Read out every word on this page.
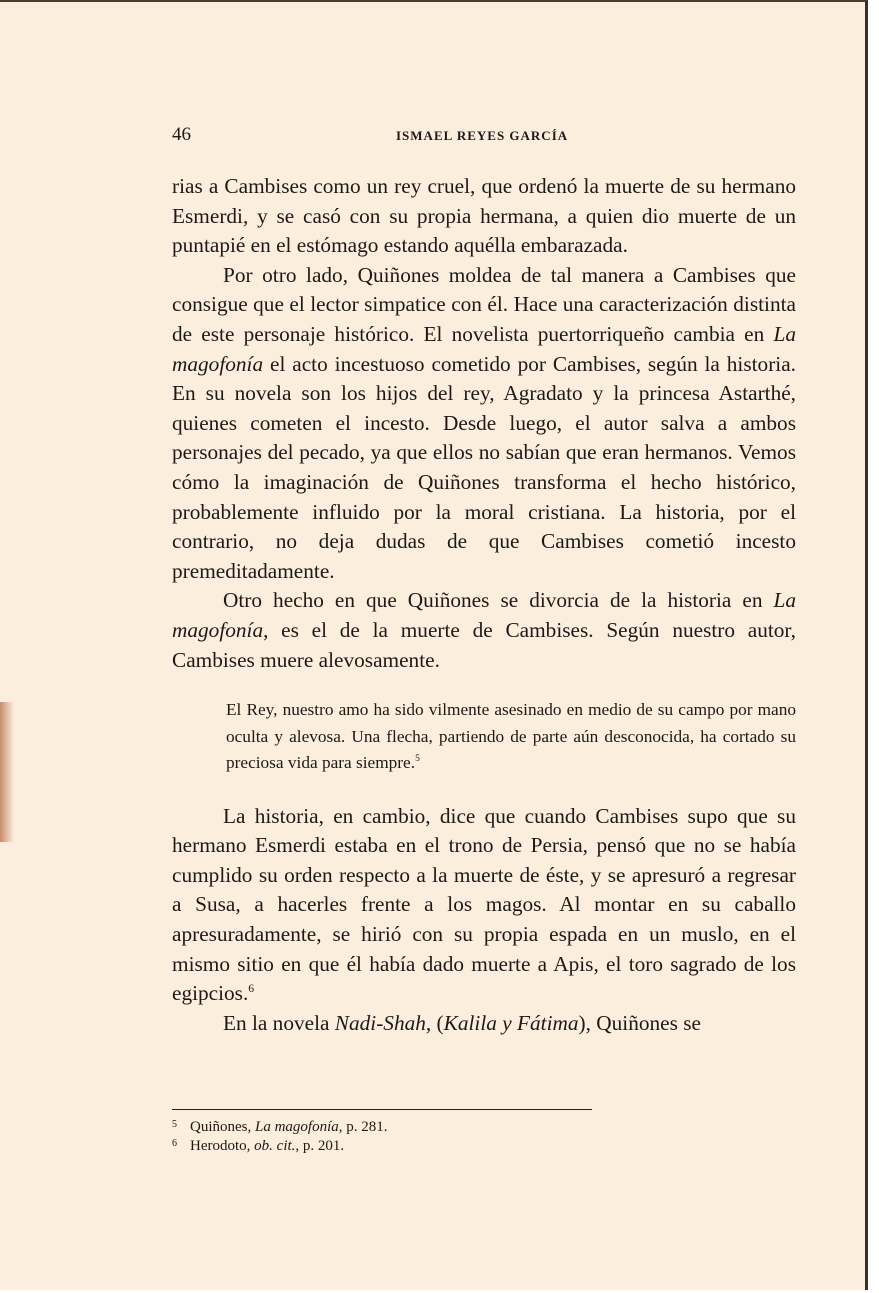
46	ISMAEL REYES GARCÍA

rias a Cambises como un rey cruel, que ordenó la muerte de su hermano Esmerdi, y se casó con su propia hermana, a quien dio muerte de un puntapié en el estómago estando aquélla embarazada.

Por otro lado, Quiñones moldea de tal manera a Cambises que consigue que el lector simpatice con él. Hace una caracterización distinta de este personaje histórico. El novelista puertorriqueño cambia en La magofonía el acto incestuoso cometido por Cambises, según la historia. En su novela son los hijos del rey, Agradato y la princesa Astarthé, quienes cometen el incesto. Desde luego, el autor salva a ambos personajes del pecado, ya que ellos no sabían que eran hermanos. Vemos cómo la imaginación de Quiñones transforma el hecho histórico, probablemente influido por la moral cristiana. La historia, por el contrario, no deja dudas de que Cambises cometió incesto premeditadamente.

Otro hecho en que Quiñones se divorcia de la historia en La magofonía, es el de la muerte de Cambises. Según nuestro autor, Cambises muere alevosamente.

El Rey, nuestro amo ha sido vilmente asesinado en medio de su campo por mano oculta y alevosa. Una flecha, partiendo de parte aún desconocida, ha cortado su preciosa vida para siempre.$^5$

La historia, en cambio, dice que cuando Cambises supo que su hermano Esmerdi estaba en el trono de Persia, pensó que no se había cumplido su orden respecto a la muerte de éste, y se apresuró a regresar a Susa, a hacerles frente a los magos. Al montar en su caballo apresuradamente, se hirió con su propia espada en un muslo, en el mismo sitio en que él había dado muerte a Apis, el toro sagrado de los egipcios.$^6$

En la novela Nadi-Shah, (Kalila y Fátima), Quiñones se

5 Quiñones, La magofonía, p. 281.
6 Herodoto, ob. cit., p. 201.
